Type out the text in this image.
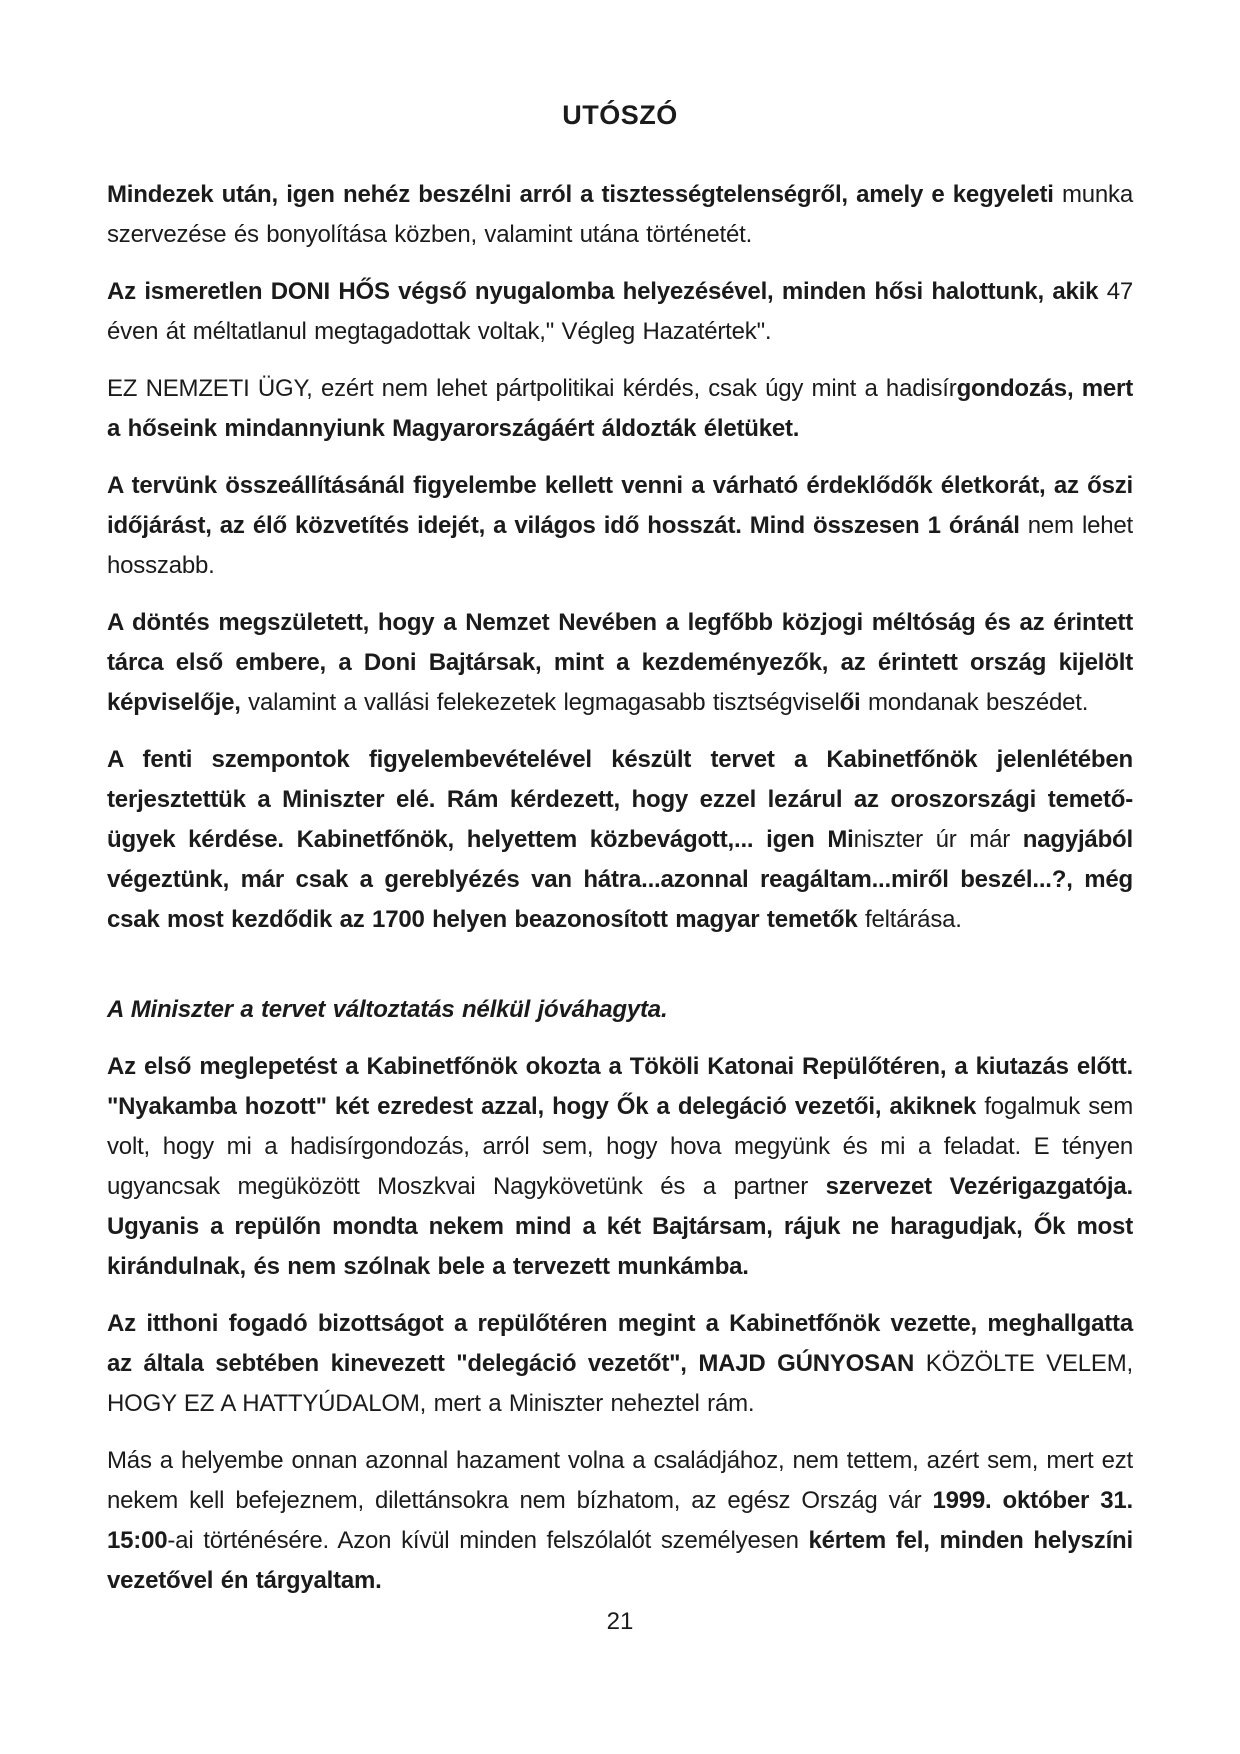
UTÓSZÓ

Mindezek után, igen nehéz beszélni arról a tisztességtelenségről, amely e kegyeleti munka szervezése és bonyolítása közben, valamint utána történetét.

Az ismeretlen DONI HŐS végső nyugalomba helyezésével, minden hősi halottunk, akik 47 éven át méltatlanul megtagadottak voltak," Végleg Hazatértek".

EZ NEMZETI ÜGY, ezért nem lehet pártpolitikai kérdés, csak úgy mint a hadisírgondozás, mert a hőseink mindannyiunk Magyarországáért áldozták életüket.

A tervünk összeállításánál figyelembe kellett venni a várható érdeklődők életkorát, az őszi időjárást, az élő közvetítés idejét, a világos idő hosszát. Mind összesen 1 óránál nem lehet hosszabb.

A döntés megszületett, hogy a Nemzet Nevében a legfőbb közjogi méltóság és az érintett tárca első embere, a Doni Bajtársak, mint a kezdeményezők, az érintett ország kijelölt képviselője, valamint a vallási felekezetek legmagasabb tisztségviselői mondanak beszédet.

A fenti szempontok figyelembevételével készült tervet a Kabinetfőnök jelenlétében terjesztettük a Miniszter elé. Rám kérdezett, hogy ezzel lezárul az oroszországi temető-ügyek kérdése. Kabinetfőnök, helyettem közbevágott,... igen Miniszter úr már nagyjából végeztünk, már csak a gereblyézés van hátra...azonnal reagáltam...miről beszél...?, még csak most kezdődik az 1700 helyen beazonosított magyar temetők feltárása.

A Miniszter a tervet változtatás nélkül jóváhagyta.

Az első meglepetést a Kabinetfőnök okozta a Tököli Katonai Repülőtéren, a kiutazás előtt. "Nyakamba hozott" két ezredest azzal, hogy Ők a delegáció vezetői, akiknek fogalmuk sem volt, hogy mi a hadisírgondozás, arról sem, hogy hova megyünk és mi a feladat. E tényen ugyancsak megüközött Moszkvai Nagykövetünk és a partner szervezet Vezérigazgatója. Ugyanis a repülőn mondta nekem mind a két Bajtársam, rájuk ne haragudjak, Ők most kirándulnak, és nem szólnak bele a tervezett munkámba.

Az itthoni fogadó bizottságot a repülőtéren megint a Kabinetfőnök vezette, meghallgatta az általa sebtében kinevezett "delegáció vezetőt", MAJD GÚNYOSAN KÖZÖLTE VELEM, HOGY EZ A HATTYÚDALOM, mert a Miniszter neheztel rám.

Más a helyembe onnan azonnal hazament volna a családjához, nem tettem, azért sem, mert ezt nekem kell befejeznem, dilettánsokra nem bízhatom, az egész Ország vár 1999. október 31. 15:00-ai történésére. Azon kívül minden felszólalót személyesen kértem fel, minden helyszíni vezetővel én tárgyaltam.

21
